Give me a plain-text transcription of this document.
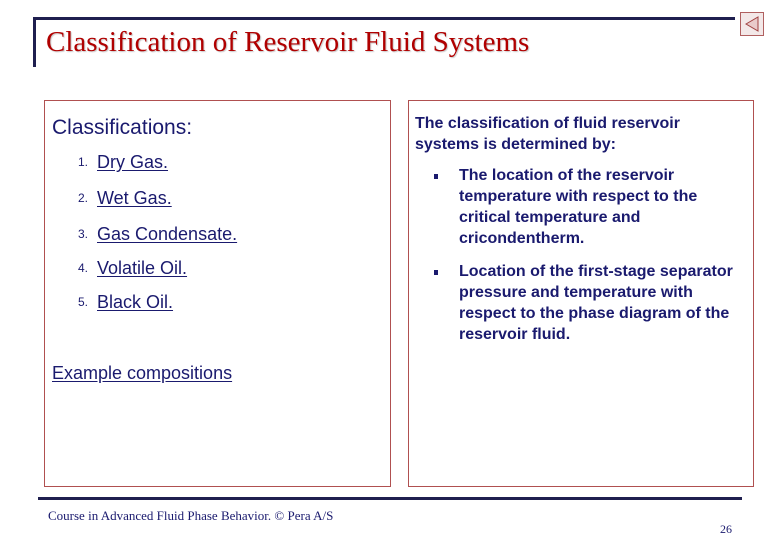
Classification of Reservoir Fluid Systems
Classifications:
1. Dry Gas.
2. Wet Gas.
3. Gas Condensate.
4. Volatile Oil.
5. Black Oil.
Example compositions
The classification of fluid reservoir systems is determined by:
The location of the reservoir temperature with respect to the critical temperature and cricondentherm.
Location of the first-stage separator pressure and temperature with respect to the phase diagram of the reservoir fluid.
Course in Advanced Fluid Phase Behavior. © Pera A/S
26
